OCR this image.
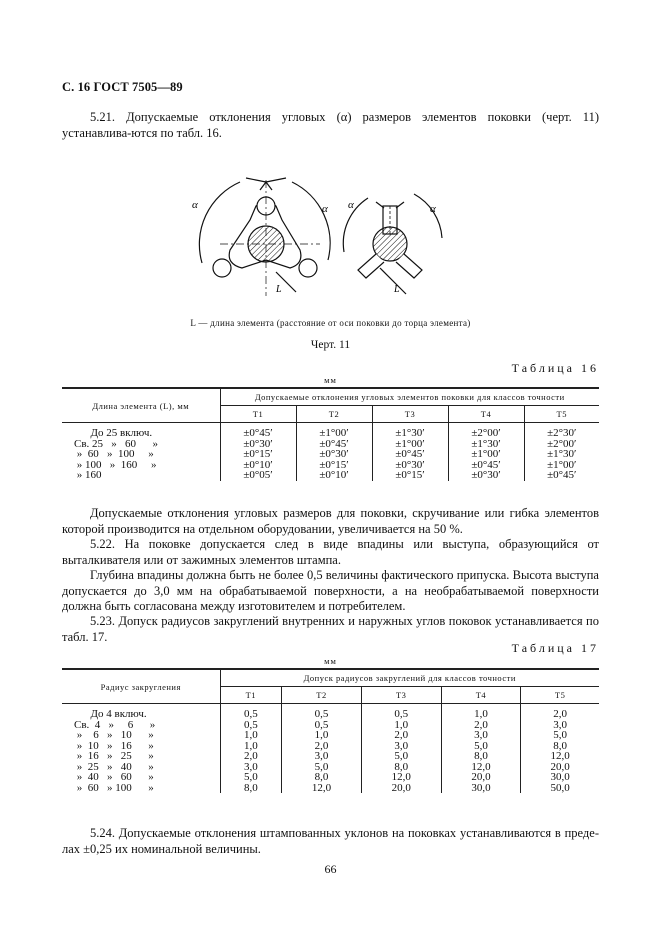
С. 16 ГОСТ 7505—89
5.21. Допускаемые отклонения угловых (α) размеров элементов поковки (черт. 11) устанавлива-ются по табл. 16.
α	α
L
α	α
L
L — длина элемента (расстояние от оси поковки до торца элемента)
Черт. 11
Таблица 16
мм
Длина элемента (L), мм	Допускаемые отклонения угловых элементов поковки для классов точности				
	Т1	Т2	Т3	Т4	Т5
До 25 включ.	±0°45′	±1°00′	±1°30′	±2°00′	±2°30′
Св. 25   »   60      »	±0°30′	±0°45′	±1°00′	±1°30′	±2°00′
»  60   »  100     »	±0°15′	±0°30′	±0°45′	±1°00′	±1°30′
» 100   »  160     »	±0°10′	±0°15′	±0°30′	±0°45′	±1°00′
» 160	±0°05′	±0°10′	±0°15′	±0°30′	±0°45′
Допускаемые отклонения угловых размеров для поковки, скручивание или гибка элементов которой производится на отдельном оборудовании, увеличивается на 50 %.
5.22. На поковке допускается след в виде впадины или выступа, образующийся от выталкивателя или от зажимных элементов штампа.
Глубина впадины должна быть не более 0,5 величины фактического припуска. Высота выступа допускается до 3,0 мм на обрабатываемой поверхности, а на необрабатываемой поверхности должна быть согласована между изготовителем и потребителем.
5.23. Допуск радиусов закруглений внутренних и наружных углов поковок устанавливается по табл. 17.
Таблица 17
мм
Радиус закругления	Допуск радиусов закруглений для классов точности				
	Т1	Т2	Т3	Т4	Т5
До 4 включ.	0,5	0,5	0,5	1,0	2,0
Св.  4   »     6      »	0,5	0,5	1,0	2,0	3,0
»    6   »   10      »	1,0	1,0	2,0	3,0	5,0
»  10   »   16      »	1,0	2,0	3,0	5,0	8,0
»  16   »   25      »	2,0	3,0	5,0	8,0	12,0
»  25   »   40      »	3,0	5,0	8,0	12,0	20,0
»  40   »   60      »	5,0	8,0	12,0	20,0	30,0
»  60   » 100      »	8,0	12,0	20,0	30,0	50,0
5.24. Допускаемые отклонения штампованных уклонов на поковках устанавливаются в преде-лах ±0,25 их номинальной величины.
66
